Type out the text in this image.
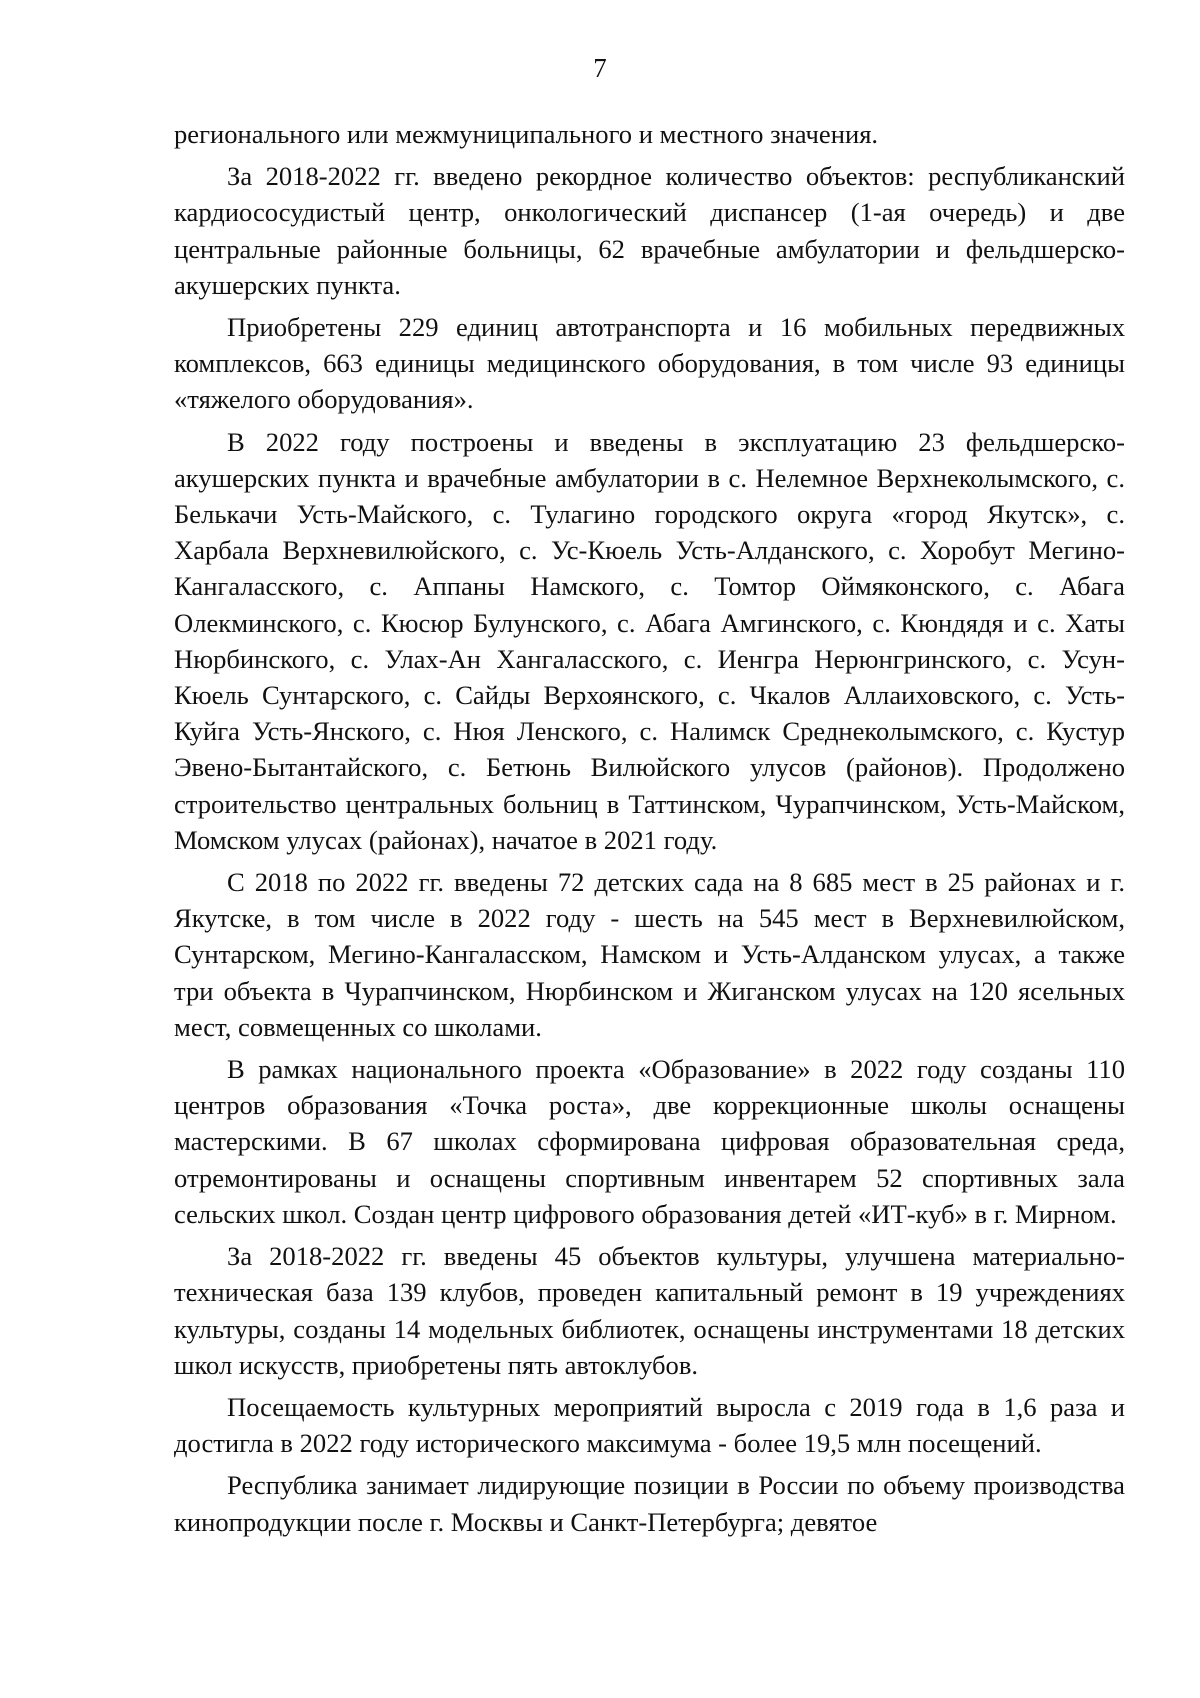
7

регионального или межмуниципального и местного значения.

За 2018-2022 гг. введено рекордное количество объектов: республиканский кардиососудистый центр, онкологический диспансер (1-ая очередь) и две центральные районные больницы, 62 врачебные амбулатории и фельдшерско-акушерских пункта.

Приобретены 229 единиц автотранспорта и 16 мобильных передвижных комплексов, 663 единицы медицинского оборудования, в том числе 93 единицы «тяжелого оборудования».

В 2022 году построены и введены в эксплуатацию 23 фельдшерско-акушерских пункта и врачебные амбулатории в с. Нелемное Верхнеколымского, с. Белькачи Усть-Майского, с. Тулагино городского округа «город Якутск», с. Харбала Верхневилюйского, с. Ус-Кюель Усть-Алданского, с. Хоробут Мегино-Кангаласского, с. Аппаны Намского, с. Томтор Оймяконского, с. Абага Олекминского, с. Кюсюр Булунского, с. Абага Амгинского, с. Кюндядя и с. Хаты Нюрбинского, с. Улах-Ан Хангаласского, с. Иенгра Нерюнгринского, с. Усун-Кюель Сунтарского, с. Сайды Верхоянского, с. Чкалов Аллаиховского, с. Усть-Куйга Усть-Янского, с. Нюя Ленского, с. Налимск Среднеколымского, с. Кустур Эвено-Бытантайского, с. Бетюнь Вилюйского улусов (районов). Продолжено строительство центральных больниц в Таттинском, Чурапчинском, Усть-Майском, Момском улусах (районах), начатое в 2021 году.

С 2018 по 2022 гг. введены 72 детских сада на 8 685 мест в 25 районах и г. Якутске, в том числе в 2022 году - шесть на 545 мест в Верхневилюйском, Сунтарском, Мегино-Кангаласском, Намском и Усть-Алданском улусах, а также три объекта в Чурапчинском, Нюрбинском и Жиганском улусах на 120 ясельных мест, совмещенных со школами.

В рамках национального проекта «Образование» в 2022 году созданы 110 центров образования «Точка роста», две коррекционные школы оснащены мастерскими. В 67 школах сформирована цифровая образовательная среда, отремонтированы и оснащены спортивным инвентарем 52 спортивных зала сельских школ. Создан центр цифрового образования детей «ИТ-куб» в г. Мирном.

За 2018-2022 гг. введены 45 объектов культуры, улучшена материально-техническая база 139 клубов, проведен капитальный ремонт в 19 учреждениях культуры, созданы 14 модельных библиотек, оснащены инструментами 18 детских школ искусств, приобретены пять автоклубов.

Посещаемость культурных мероприятий выросла с 2019 года в 1,6 раза и достигла в 2022 году исторического максимума - более 19,5 млн посещений.

Республика занимает лидирующие позиции в России по объему производства кинопродукции после г. Москвы и Санкт-Петербурга; девятое
